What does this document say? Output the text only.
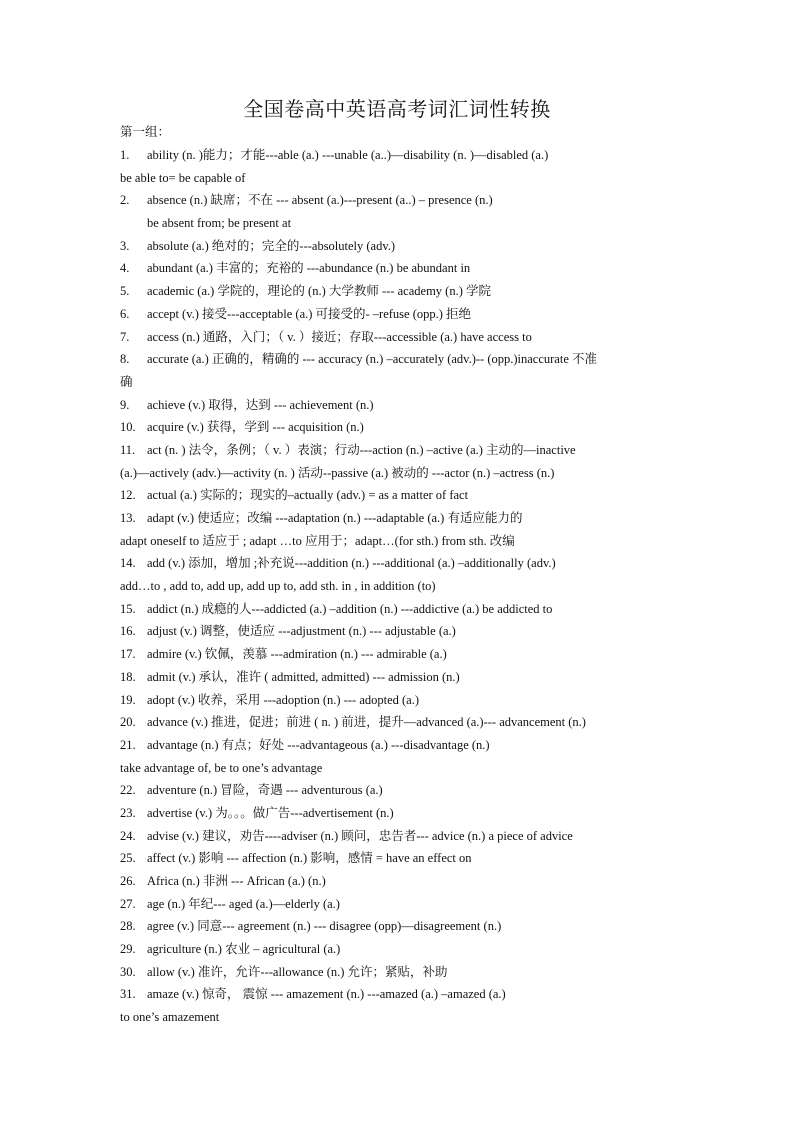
全国卷高中英语高考词汇词性转换
第一组：
1.	ability (n. )能力；才能---able (a.) ---unable (a..)—disability (n. )—disabled (a.)
be able to= be capable of
2.	absence (n.) 缺席；不在 --- absent (a.)---present (a..) – presence (n.)
be absent from; be present at
3.	absolute (a.) 绝对的；完全的---absolutely (adv.)
4.	abundant (a.) 丰富的；充裕的 ---abundance (n.) be abundant in
5.	academic (a.) 学院的，理论的 (n.) 大学教师 --- academy (n.) 学院
6.	accept (v.) 接受---acceptable (a.) 可接受的- –refuse (opp.) 拒绝
7.	access (n.) 通路，入门；（ v. ）接近；存取---accessible (a.) have access to
8.	accurate (a.) 正确的，精确的 --- accuracy (n.) –accurately (adv.)-- (opp.)inaccurate 不准
确
9.	achieve (v.) 取得，达到 --- achievement (n.)
10. acquire (v.) 获得，学到 --- acquisition (n.)
11. act (n. ) 法令，条例；（ v. ）表演；行动---action (n.) –active (a.) 主动的—inactive
(a.)—actively (adv.)—activity (n. ) 活动--passive (a.) 被动的 ---actor (n.) –actress (n.)
12. actual (a.) 实际的；现实的–actually (adv.) = as a matter of fact
13. adapt (v.) 使适应；改编 ---adaptation (n.) ---adaptable (a.) 有适应能力的
adapt oneself to 适应于 ; adapt …to 应用于；adapt…(for sth.) from sth. 改编
14. add (v.) 添加，增加 ;补充说---addition (n.) ---additional (a.) –additionally (adv.)
add…to , add to, add up, add up to, add sth. in , in addition (to)
15. addict (n.) 成瘾的人---addicted (a.) –addition (n.) ---addictive (a.) be addicted to
16. adjust (v.) 调整，使适应 ---adjustment (n.) --- adjustable (a.)
17. admire (v.) 钦佩，羡慕 ---admiration (n.) --- admirable (a.)
18. admit (v.) 承认，准许 ( admitted, admitted) --- admission (n.)
19. adopt (v.) 收养，采用 ---adoption (n.) --- adopted (a.)
20. advance (v.) 推进，促进；前进 ( n. ) 前进，提升—advanced (a.)--- advancement (n.)
21. advantage (n.) 有点；好处 ---advantageous (a.) ---disadvantage (n.)
take advantage of, be to one’s advantage
22. adventure (n.) 冒险，奇遇 --- adventurous (a.)
23. advertise (v.) 为。。。做广告---advertisement (n.)
24. advise (v.) 建议，劝告----adviser (n.) 顾问，忠告者--- advice (n.) a piece of advice
25. affect (v.) 影响 --- affection (n.) 影响，感情 = have an effect on
26. Africa (n.) 非洲 --- African (a.) (n.)
27. age (n.) 年纪--- aged (a.)—elderly (a.)
28. agree (v.) 同意--- agreement (n.) --- disagree (opp)—disagreement (n.)
29. agriculture (n.) 农业 – agricultural (a.)
30. allow (v.) 准许，允许---allowance (n.) 允许；紧贴，补助
31. amaze (v.) 惊奇， 震惊 --- amazement (n.) ---amazed (a.) –amazed (a.)
to one’s amazement
